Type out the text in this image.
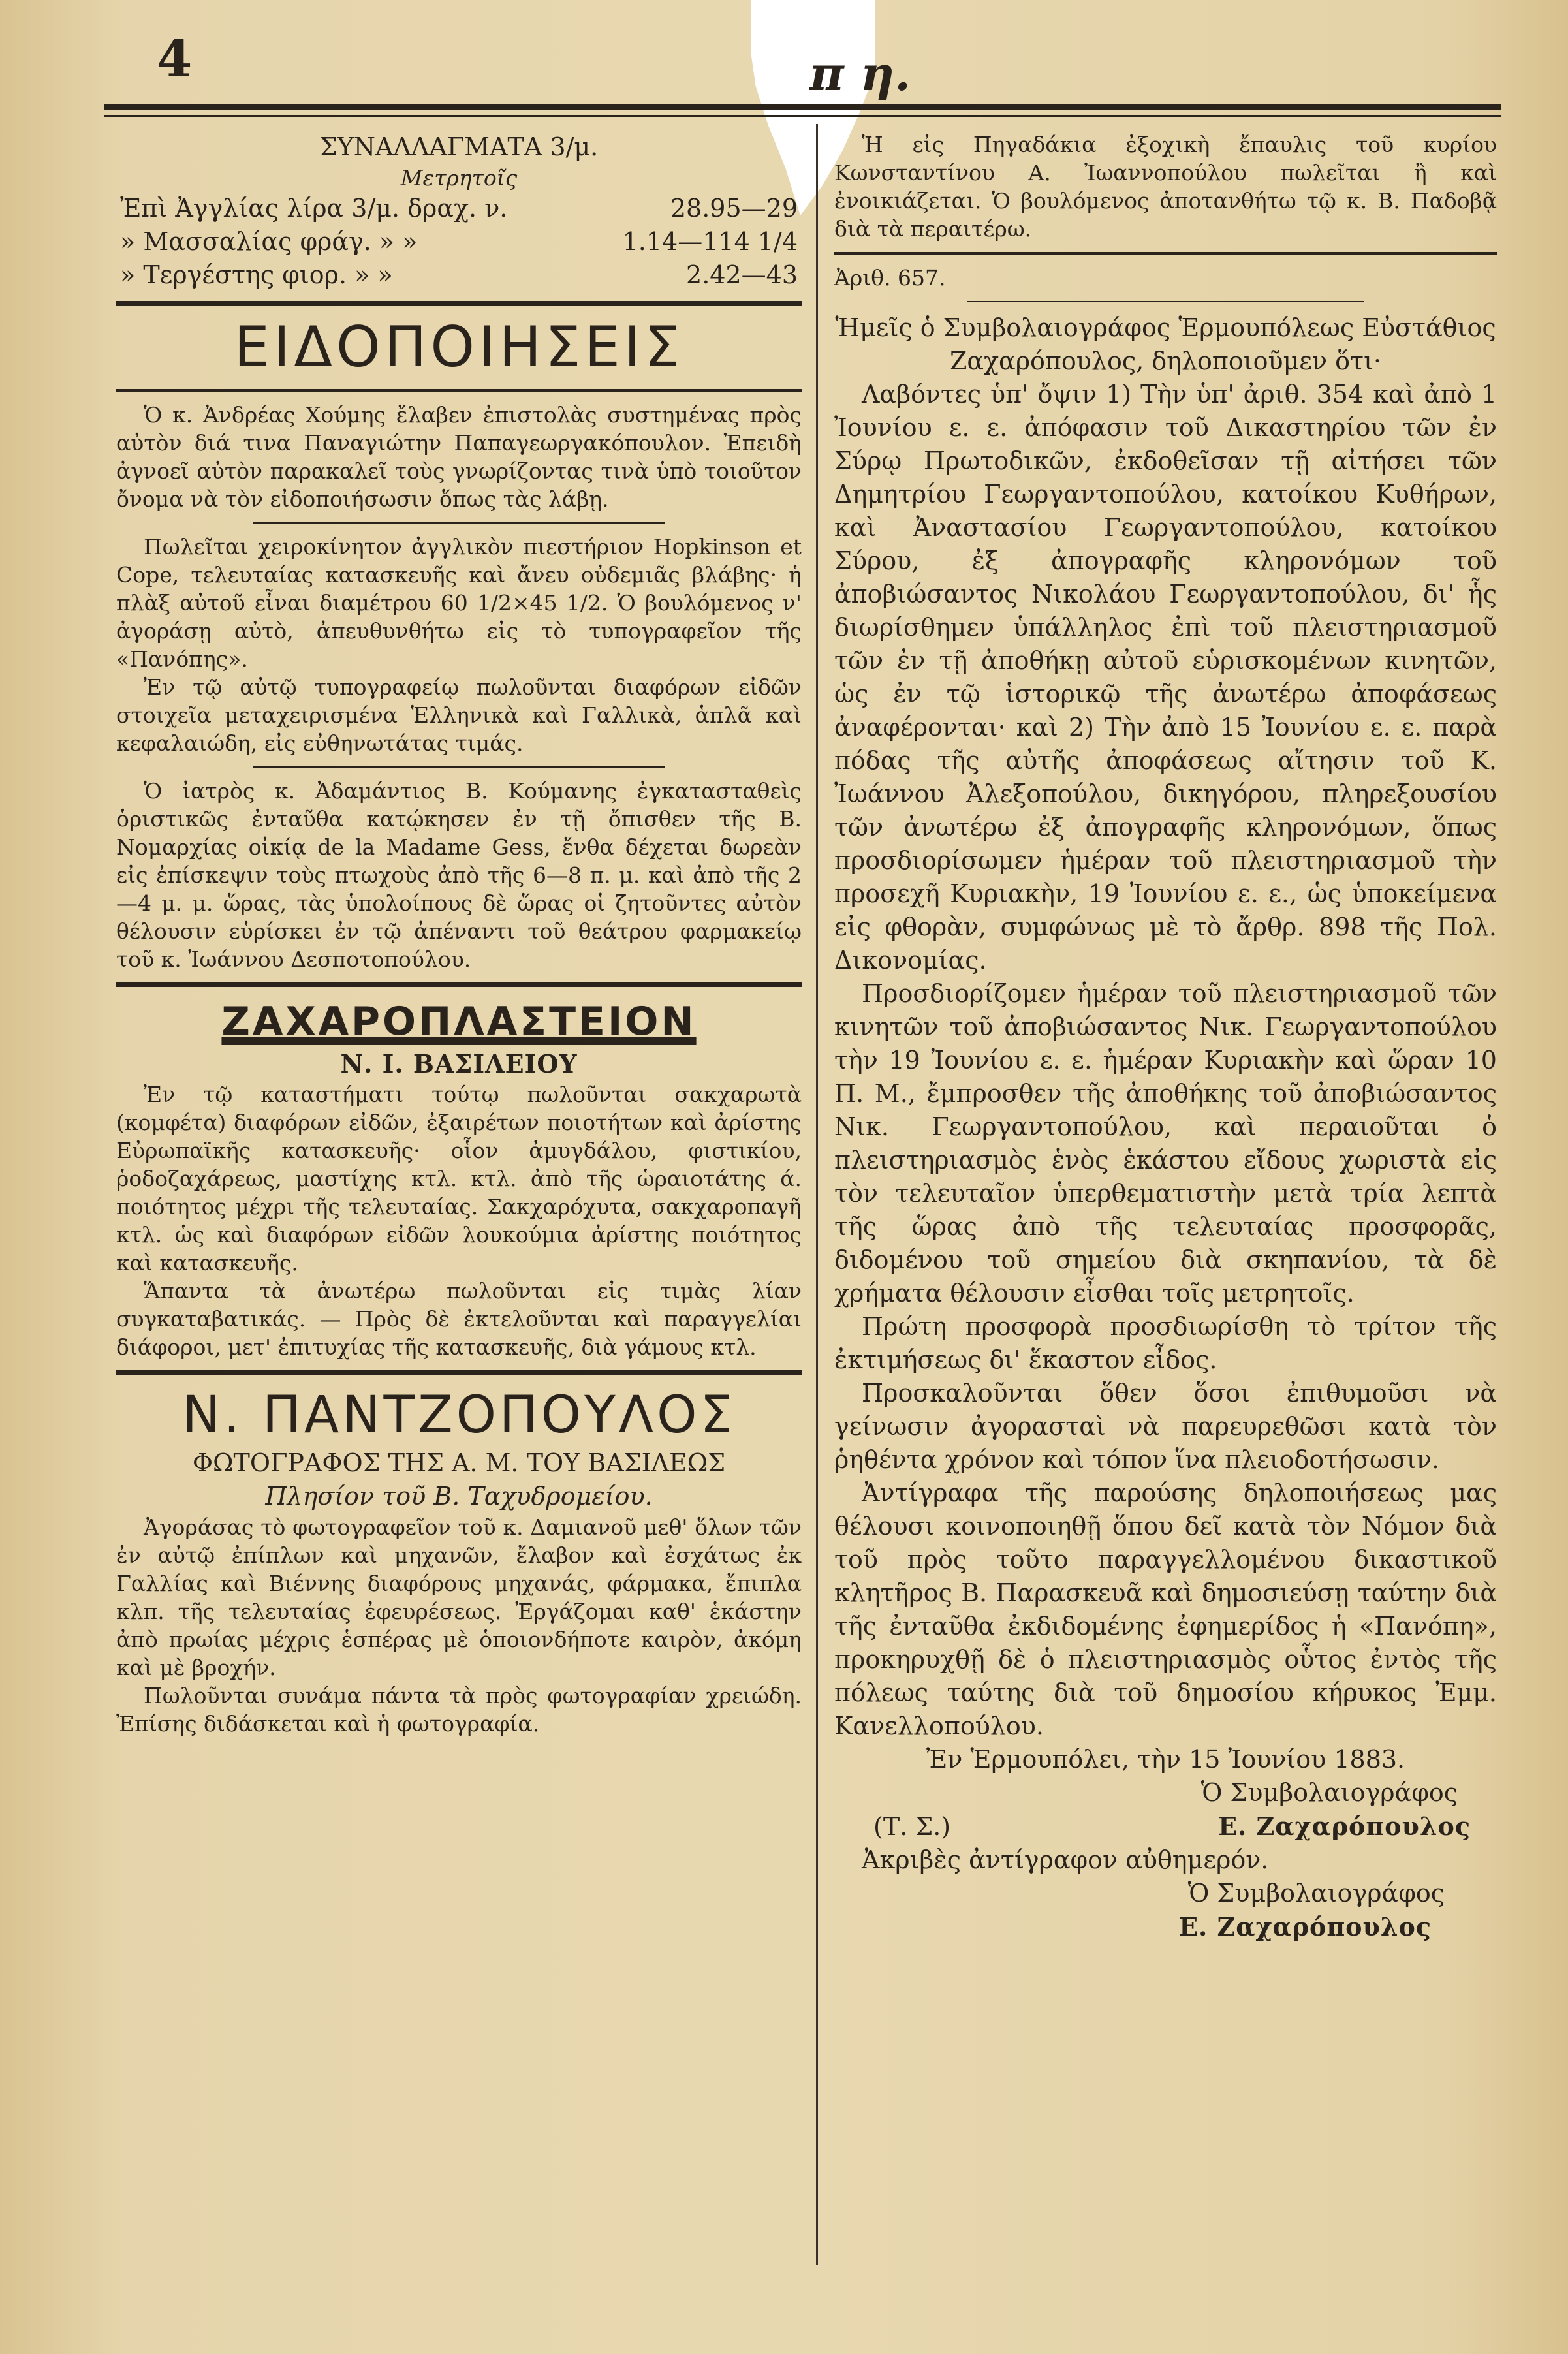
4	π η.

ΣΥΝΑΛΛΑΓΜΑΤΑ 3/μ.

Μετρητοῖς

Ἐπὶ Ἀγγλίας λίρα 3/μ. δραχ. ν.	28.95—29
» Μασσαλίας φράγ. » »	1.14—114 1/4
» Τεργέστης φιορ. » »	2.42—43
ΕΙΔΟΠΟΙΗΣΕΙΣ

Ὁ κ. Ἀνδρέας Χούμης ἔλαβεν ἐπιστολὰς συστημένας πρὸς αὐτὸν διά τινα Παναγιώτην Παπαγεωργακόπουλον. Ἐπειδὴ ἀγνοεῖ αὐτὸν παρακαλεῖ τοὺς γνωρίζοντας τινὰ ὑπὸ τοιοῦτον ὄνομα νὰ τὸν εἰδοποιήσωσιν ὅπως τὰς λάβῃ.

Πωλεῖται χειροκίνητον ἀγγλικὸν πιεστήριον Hopkinson et Cope, τελευταίας κατασκευῆς καὶ ἄνευ οὐδεμιᾶς βλάβης· ἡ πλὰξ αὐτοῦ εἶναι διαμέτρου 60 1/2×45 1/2. Ὁ βουλόμενος ν' ἀγοράσῃ αὐτὸ, ἀπευθυνθήτω εἰς τὸ τυπογραφεῖον τῆς «Πανόπης».

Ἐν τῷ αὐτῷ τυπογραφείῳ πωλοῦνται διαφόρων εἰδῶν στοιχεῖα μεταχειρισμένα Ἑλληνικὰ καὶ Γαλλικὰ, ἁπλᾶ καὶ κεφαλαιώδη, εἰς εὐθηνωτάτας τιμάς.

Ὁ ἰατρὸς κ. Ἀδαμάντιος Β. Κούμανης ἐγκατασταθεὶς ὁριστικῶς ἐνταῦθα κατῴκησεν ἐν τῇ ὄπισθεν τῆς Β. Νομαρχίας οἰκίᾳ de la Madame Gess, ἔνθα δέχεται δωρεὰν εἰς ἐπίσκεψιν τοὺς πτωχοὺς ἀπὸ τῆς 6—8 π. μ. καὶ ἀπὸ τῆς 2—4 μ. μ. ὥρας, τὰς ὑπολοίπους δὲ ὥρας οἱ ζητοῦντες αὐτὸν θέλουσιν εὑρίσκει ἐν τῷ ἀπέναντι τοῦ θεάτρου φαρμακείῳ τοῦ κ. Ἰωάννου Δεσποτοπούλου.

ΖΑΧΑΡΟΠΛΑΣΤΕΙΟΝ

Ν. Ι. ΒΑΣΙΛΕΙΟΥ

Ἐν τῷ καταστήματι τούτῳ πωλοῦνται σακχαρωτὰ (κομφέτα) διαφόρων εἰδῶν, ἐξαιρέτων ποιοτήτων καὶ ἀρίστης Εὐρωπαϊκῆς κατασκευῆς· οἷον ἀμυγδάλου, φιστικίου, ῥοδοζαχάρεως, μαστίχης κτλ. κτλ. ἀπὸ τῆς ὡραιοτάτης ά. ποιότητος μέχρι τῆς τελευταίας. Σακχαρόχυτα, σακχαροπαγῆ κτλ. ὡς καὶ διαφόρων εἰδῶν λουκούμια ἀρίστης ποιότητος καὶ κατασκευῆς.

Ἅπαντα τὰ ἀνωτέρω πωλοῦνται εἰς τιμὰς λίαν συγκαταβατικάς. — Πρὸς δὲ ἐκτελοῦνται καὶ παραγγελίαι διάφοροι, μετ' ἐπιτυχίας τῆς κατασκευῆς, διὰ γάμους κτλ.

Ν. ΠΑΝΤΖΟΠΟΥΛΟΣ

ΦΩΤΟΓΡΑΦΟΣ ΤΗΣ Α. Μ. ΤΟΥ ΒΑΣΙΛΕΩΣ

Πλησίον τοῦ Β. Ταχυδρομείου.

Ἀγοράσας τὸ φωτογραφεῖον τοῦ κ. Δαμιανοῦ μεθ' ὅλων τῶν ἐν αὐτῷ ἐπίπλων καὶ μηχανῶν, ἔλαβον καὶ ἐσχάτως ἐκ Γαλλίας καὶ Βιέννης διαφόρους μηχανάς, φάρμακα, ἔπιπλα κλπ. τῆς τελευταίας ἐφευρέσεως. Ἐργάζομαι καθ' ἑκάστην ἀπὸ πρωίας μέχρις ἑσπέρας μὲ ὁποιονδήποτε καιρὸν, ἀκόμη καὶ μὲ βροχήν.

Πωλοῦνται συνάμα πάντα τὰ πρὸς φωτογραφίαν χρειώδη. Ἐπίσης διδάσκεται καὶ ἡ φωτογραφία.

Ἡ εἰς Πηγαδάκια ἐξοχικὴ ἔπαυλις τοῦ κυρίου Κωνσταντίνου Α. Ἰωαννοπούλου πωλεῖται ἢ καὶ ἐνοικιάζεται. Ὁ βουλόμενος ἀποτανθήτω τῷ κ. Β. Παδοβᾷ διὰ τὰ περαιτέρω.

Ἀριθ. 657.

Ἡμεῖς ὁ Συμβολαιογράφος Ἑρμουπόλεως Εὐστάθιος Ζαχαρόπουλος, δηλοποιοῦμεν ὅτι·

Λαβόντες ὑπ' ὄψιν 1) Τὴν ὑπ' ἀριθ. 354 καὶ ἀπὸ 1 Ἰουνίου ε. ε. ἀπόφασιν τοῦ Δικαστηρίου τῶν ἐν Σύρῳ Πρωτοδικῶν, ἐκδοθεῖσαν τῇ αἰτήσει τῶν Δημητρίου Γεωργαντοπούλου, κατοίκου Κυθήρων, καὶ Ἀναστασίου Γεωργαντοπούλου, κατοίκου Σύρου, ἐξ ἀπογραφῆς κληρονόμων τοῦ ἀποβιώσαντος Νικολάου Γεωργαντοπούλου, δι' ἧς διωρίσθημεν ὑπάλληλος ἐπὶ τοῦ πλειστηριασμοῦ τῶν ἐν τῇ ἀποθήκῃ αὐτοῦ εὑρισκομένων κινητῶν, ὡς ἐν τῷ ἱστορικῷ τῆς ἀνωτέρω ἀποφάσεως ἀναφέρονται· καὶ 2) Τὴν ἀπὸ 15 Ἰουνίου ε. ε. παρὰ πόδας τῆς αὐτῆς ἀποφάσεως αἴτησιν τοῦ Κ. Ἰωάννου Ἀλεξοπούλου, δικηγόρου, πληρεξουσίου τῶν ἀνωτέρω ἐξ ἀπογραφῆς κληρονόμων, ὅπως προσδιορίσωμεν ἡμέραν τοῦ πλειστηριασμοῦ τὴν προσεχῆ Κυριακὴν, 19 Ἰουνίου ε. ε., ὡς ὑποκείμενα εἰς φθορὰν, συμφώνως μὲ τὸ ἄρθρ. 898 τῆς Πολ. Δικονομίας.

Προσδιορίζομεν ἡμέραν τοῦ πλειστηριασμοῦ τῶν κινητῶν τοῦ ἀποβιώσαντος Νικ. Γεωργαντοπούλου τὴν 19 Ἰουνίου ε. ε. ἡμέραν Κυριακὴν καὶ ὥραν 10 Π. Μ., ἔμπροσθεν τῆς ἀποθήκης τοῦ ἀποβιώσαντος Νικ. Γεωργαντοπούλου, καὶ περαιοῦται ὁ πλειστηριασμὸς ἑνὸς ἑκάστου εἴδους χωριστὰ εἰς τὸν τελευταῖον ὑπερθεματιστὴν μετὰ τρία λεπτὰ τῆς ὥρας ἀπὸ τῆς τελευταίας προσφορᾶς, διδομένου τοῦ σημείου διὰ σκηπανίου, τὰ δὲ χρήματα θέλουσιν εἶσθαι τοῖς μετρητοῖς.

Πρώτη προσφορὰ προσδιωρίσθη τὸ τρίτον τῆς ἐκτιμήσεως δι' ἕκαστον εἶδος.

Προσκαλοῦνται ὅθεν ὅσοι ἐπιθυμοῦσι νὰ γείνωσιν ἀγορασταὶ νὰ παρευρεθῶσι κατὰ τὸν ῥηθέντα χρόνον καὶ τόπον ἵνα πλειοδοτήσωσιν.

Ἀντίγραφα τῆς παρούσης δηλοποιήσεως μας θέλουσι κοινοποιηθῇ ὅπου δεῖ κατὰ τὸν Νόμον διὰ τοῦ πρὸς τοῦτο παραγγελλομένου δικαστικοῦ κλητῆρος Β. Παρασκευᾶ καὶ δημοσιεύσῃ ταύτην διὰ τῆς ἐνταῦθα ἐκδιδομένης ἐφημερίδος ἡ «Πανόπη», προκηρυχθῇ δὲ ὁ πλειστηριασμὸς οὗτος ἐντὸς τῆς πόλεως ταύτης διὰ τοῦ δημοσίου κήρυκος Ἐμμ. Κανελλοπούλου.

Ἐν Ἑρμουπόλει, τὴν 15 Ἰουνίου 1883.

Ὁ Συμβολαιογράφος

(Τ. Σ.)	Ε. Ζαχαρόπουλος

Ἀκριβὲς ἀντίγραφον αὐθημερόν.

Ὁ Συμβολαιογράφος

Ε. Ζαχαρόπουλος
